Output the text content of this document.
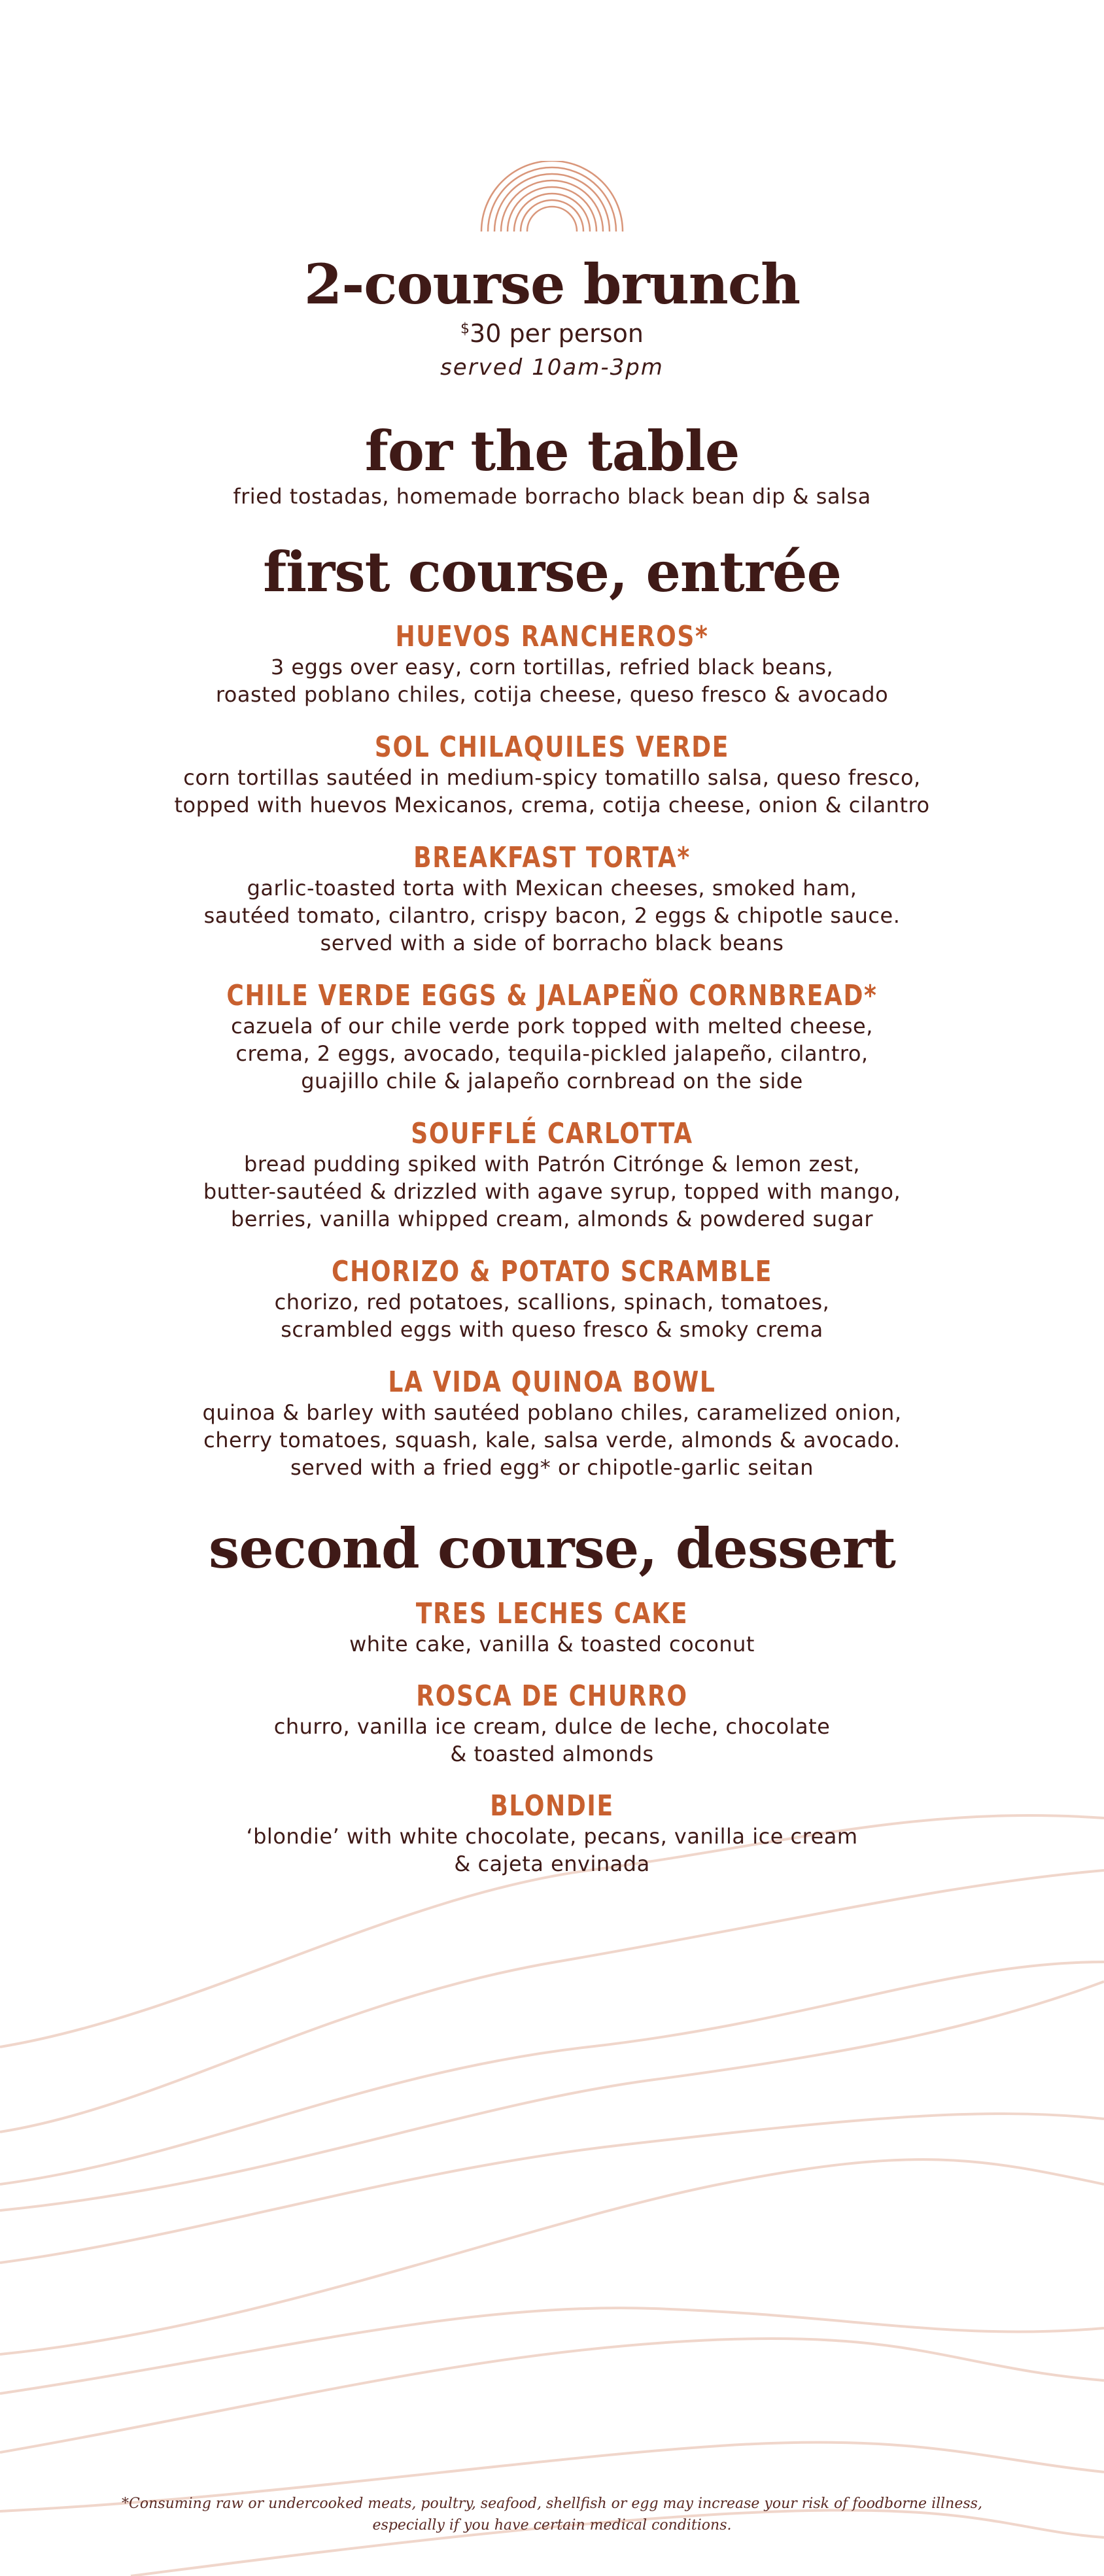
2-course brunch
$30 per person
served 10am-3pm
for the table
fried tostadas, homemade borracho black bean dip & salsa
first course, entrée
HUEVOS RANCHEROS*
3 eggs over easy, corn tortillas, refried black beans,
roasted poblano chiles, cotija cheese, queso fresco & avocado
SOL CHILAQUILES VERDE
corn tortillas sautéed in medium-spicy tomatillo salsa, queso fresco,
topped with huevos Mexicanos, crema, cotija cheese, onion & cilantro
BREAKFAST TORTA*
garlic-toasted torta with Mexican cheeses, smoked ham,
sautéed tomato, cilantro, crispy bacon, 2 eggs & chipotle sauce.
served with a side of borracho black beans
CHILE VERDE EGGS & JALAPEÑO CORNBREAD*
cazuela of our chile verde pork topped with melted cheese,
crema, 2 eggs, avocado, tequila-pickled jalapeño, cilantro,
guajillo chile & jalapeño cornbread on the side
SOUFFLÉ CARLOTTA
bread pudding spiked with Patrón Citrónge & lemon zest,
butter-sautéed & drizzled with agave syrup, topped with mango,
berries, vanilla whipped cream, almonds & powdered sugar
CHORIZO & POTATO SCRAMBLE
chorizo, red potatoes, scallions, spinach, tomatoes,
scrambled eggs with queso fresco & smoky crema
LA VIDA QUINOA BOWL
quinoa & barley with sautéed poblano chiles, caramelized onion,
cherry tomatoes, squash, kale, salsa verde, almonds & avocado.
served with a fried egg* or chipotle-garlic seitan
second course, dessert
TRES LECHES CAKE
white cake, vanilla & toasted coconut
ROSCA DE CHURRO
churro, vanilla ice cream, dulce de leche, chocolate
& toasted almonds
BLONDIE
‘blondie’ with white chocolate, pecans, vanilla ice cream
& cajeta envinada
*Consuming raw or undercooked meats, poultry, seafood, shellfish or egg may increase your risk of foodborne illness,
especially if you have certain medical conditions.
